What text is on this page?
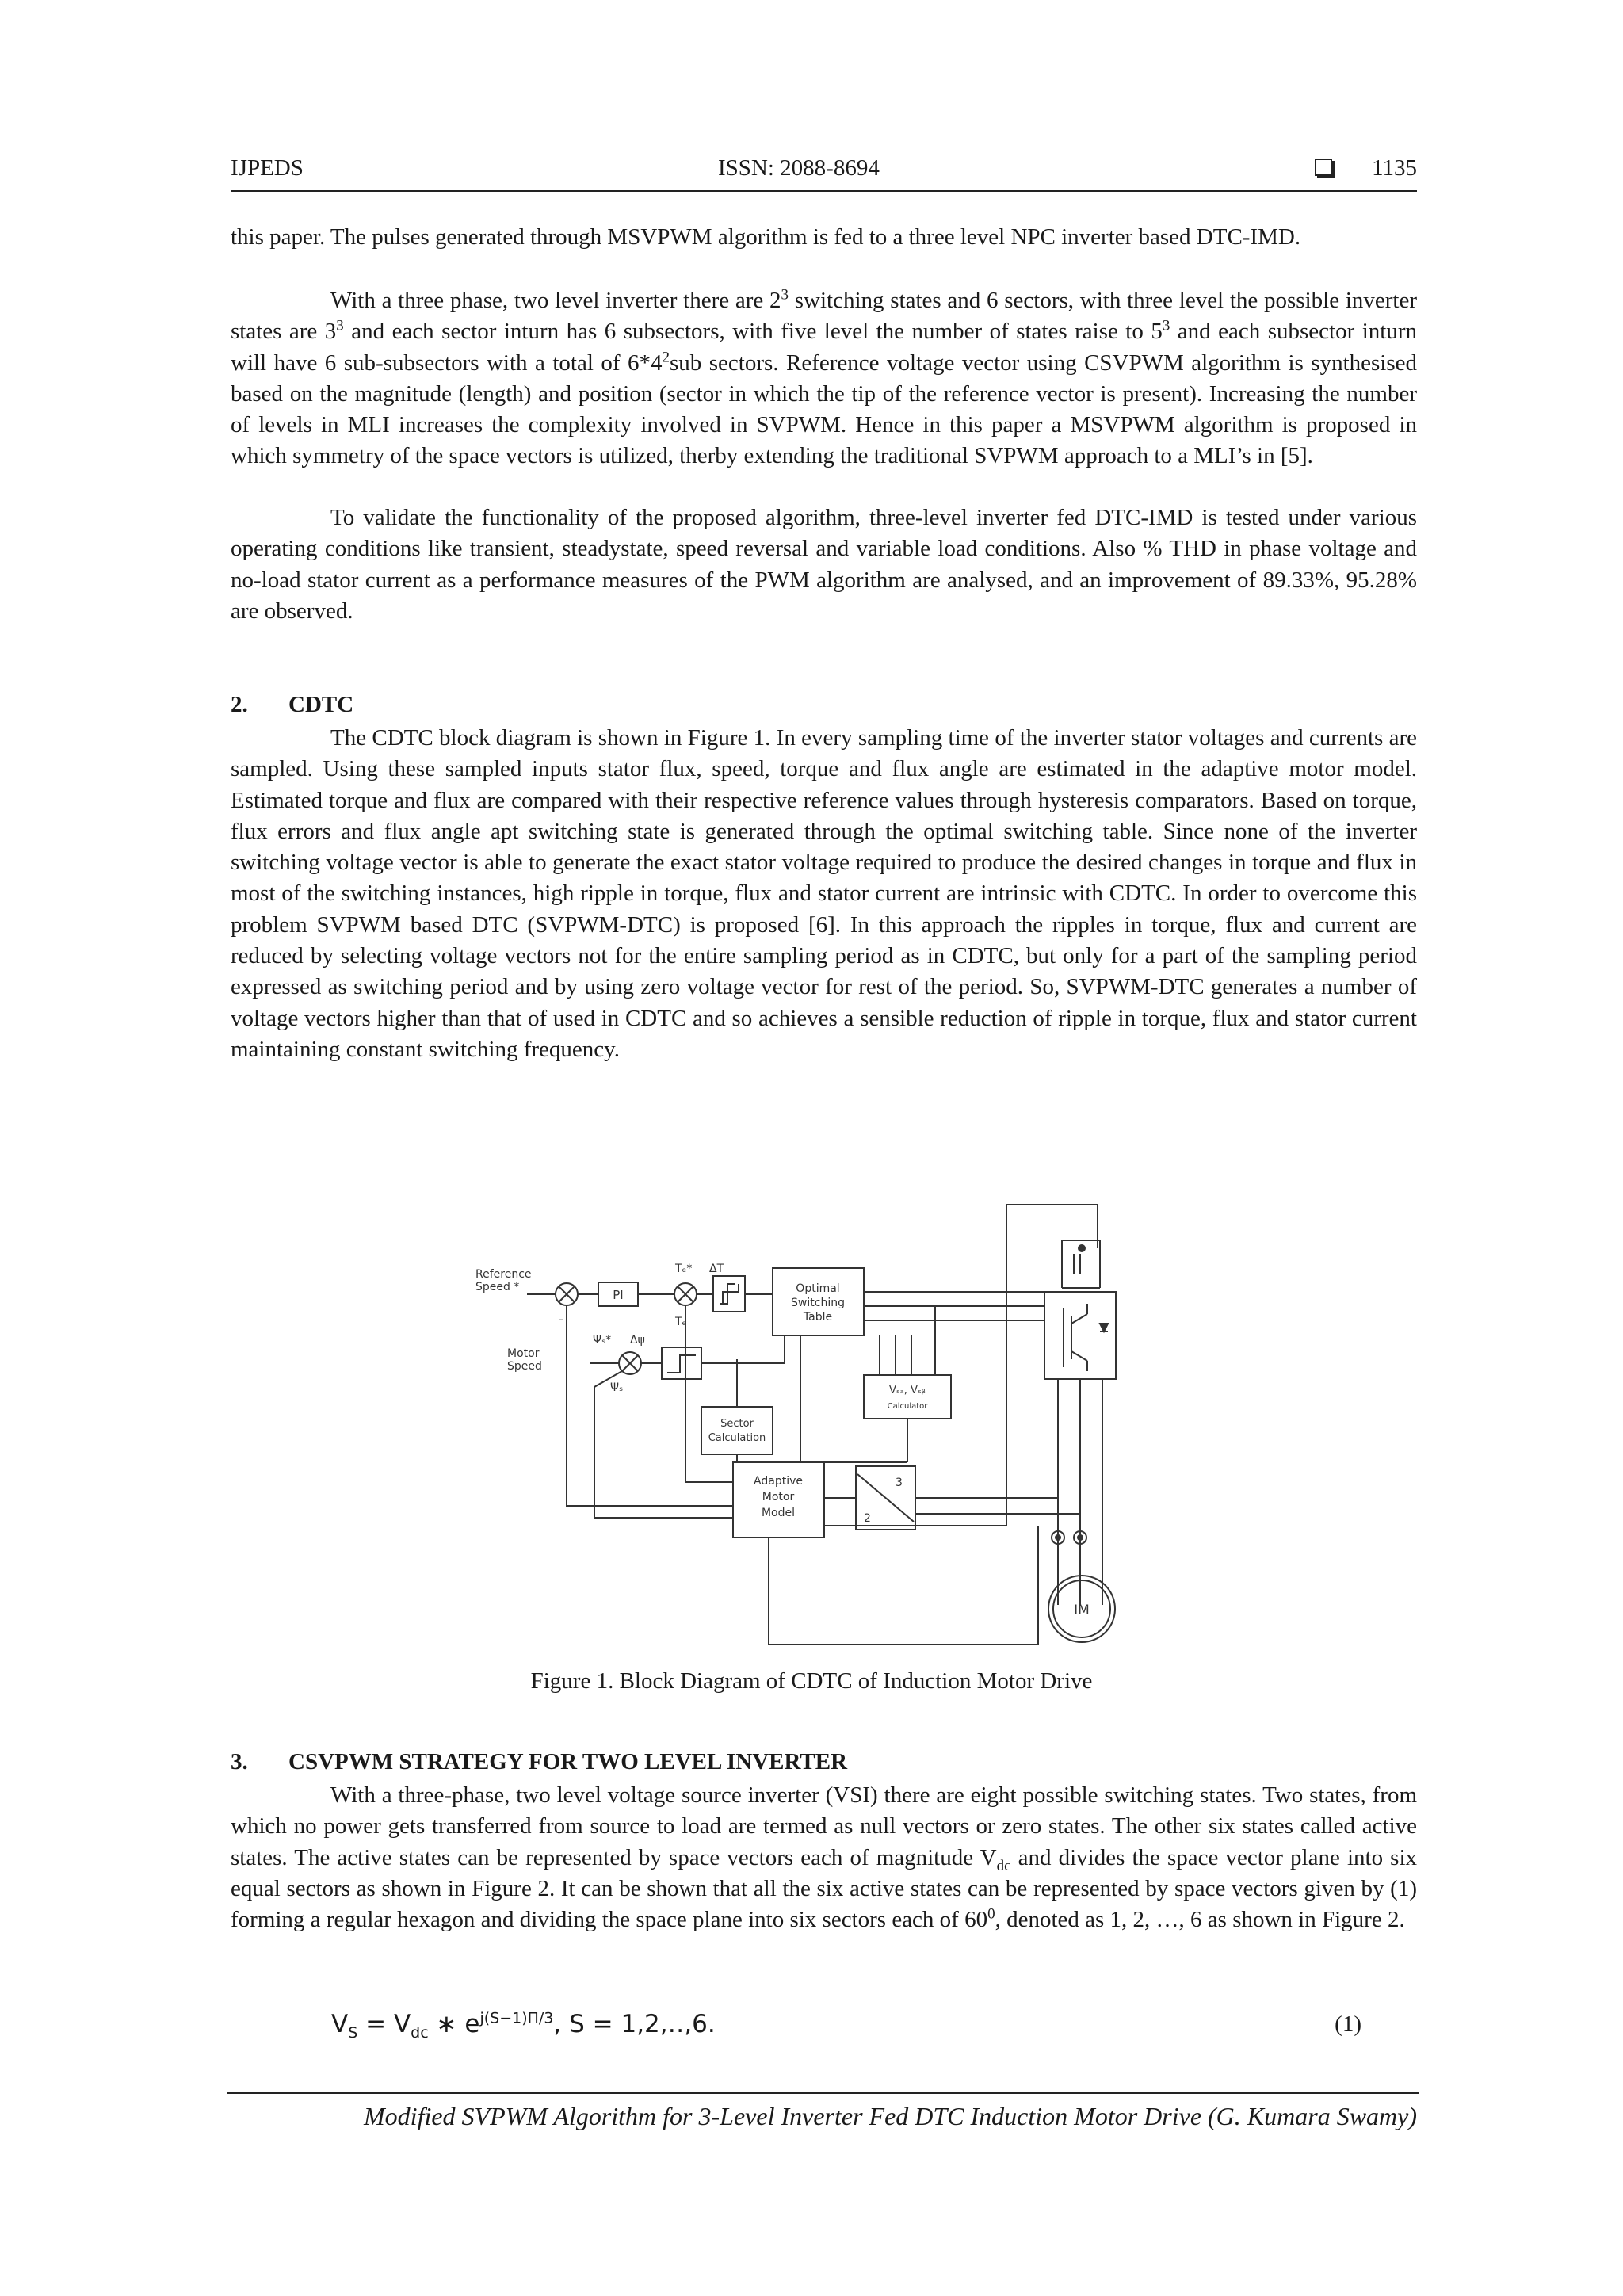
IJPEDS	ISSN: 2088-8694	1135

this paper. The pulses generated through MSVPWM algorithm is fed to a three level NPC inverter based DTC-IMD.

With a three phase, two level inverter there are $2^3$ switching states and 6 sectors, with three level the possible inverter states are $3^3$ and each sector inturn has 6 subsectors, with five level the number of states raise to $5^3$ and each subsector inturn will have 6 sub-subsectors with a total of $6*4^2sub$ sectors. Reference voltage vector using CSVPWM algorithm is synthesised based on the magnitude (length) and position (sector in which the tip of the reference vector is present). Increasing the number of levels in MLI increases the complexity involved in SVPWM. Hence in this paper a MSVPWM algorithm is proposed in which symmetry of the space vectors is utilized, therby extending the traditional SVPWM approach to a MLI’s in [5].

To validate the functionality of the proposed algorithm, three-level inverter fed DTC-IMD is tested under various operating conditions like transient, steadystate, speed reversal and variable load conditions. Also % THD in phase voltage and no-load stator current as a performance measures of the PWM algorithm are analysed, and an improvement of 89.33%, 95.28% are observed.

2. CDTC

The CDTC block diagram is shown in Figure 1. In every sampling time of the inverter stator voltages and currents are sampled. Using these sampled inputs stator flux, speed, torque and flux angle are estimated in the adaptive motor model. Estimated torque and flux are compared with their respective reference values through hysteresis comparators. Based on torque, flux errors and flux angle apt switching state is generated through the optimal switching table. Since none of the inverter switching voltage vector is able to generate the exact stator voltage required to produce the desired changes in torque and flux in most of the switching instances, high ripple in torque, flux and stator current are intrinsic with CDTC. In order to overcome this problem SVPWM based DTC (SVPWM-DTC) is proposed [6]. In this approach the ripples in torque, flux and current are reduced by selecting voltage vectors not for the entire sampling period as in CDTC, but only for a part of the sampling period expressed as switching period and by using zero voltage vector for rest of the period. So, SVPWM-DTC generates a number of voltage vectors higher than that of used in CDTC and so achieves a sensible reduction of ripple in torque, flux and stator current maintaining constant switching frequency.

IM
Reference
Speed *
Motor
Speed
-
PI
Tₑ*
Tₑ
ΔT
Optimal
Switching
Table
Ψₛ* Δψ
Ψₛ
Sector
Calculation
Vₛₐ, Vₛᵦ
Calculator
Adaptive
Motor
Model
3
2
Figure 1. Block Diagram of CDTC of Induction Motor Drive
3. CSVPWM STRATEGY FOR TWO LEVEL INVERTER

With a three-phase, two level voltage source inverter (VSI) there are eight possible switching states. Two states, from which no power gets transferred from source to load are termed as null vectors or zero states. The other six states called active states. The active states can be represented by space vectors each of magnitude $V_{dc}$ and divides the space vector plane into six equal sectors as shown in Figure 2. It can be shown that all the six active states can be represented by space vectors given by (1) forming a regular hexagon and dividing the space plane into six sectors each of $60^0$, denoted as 1, 2, …, 6 as shown in Figure 2.

$V_S = V_{dc}$ ∗ $e^{j(S-1)\Pi/3}$, S = 1,2,‥,6.	(1)
Modified SVPWM Algorithm for 3-Level Inverter Fed DTC Induction Motor Drive (G. Kumara Swamy)
